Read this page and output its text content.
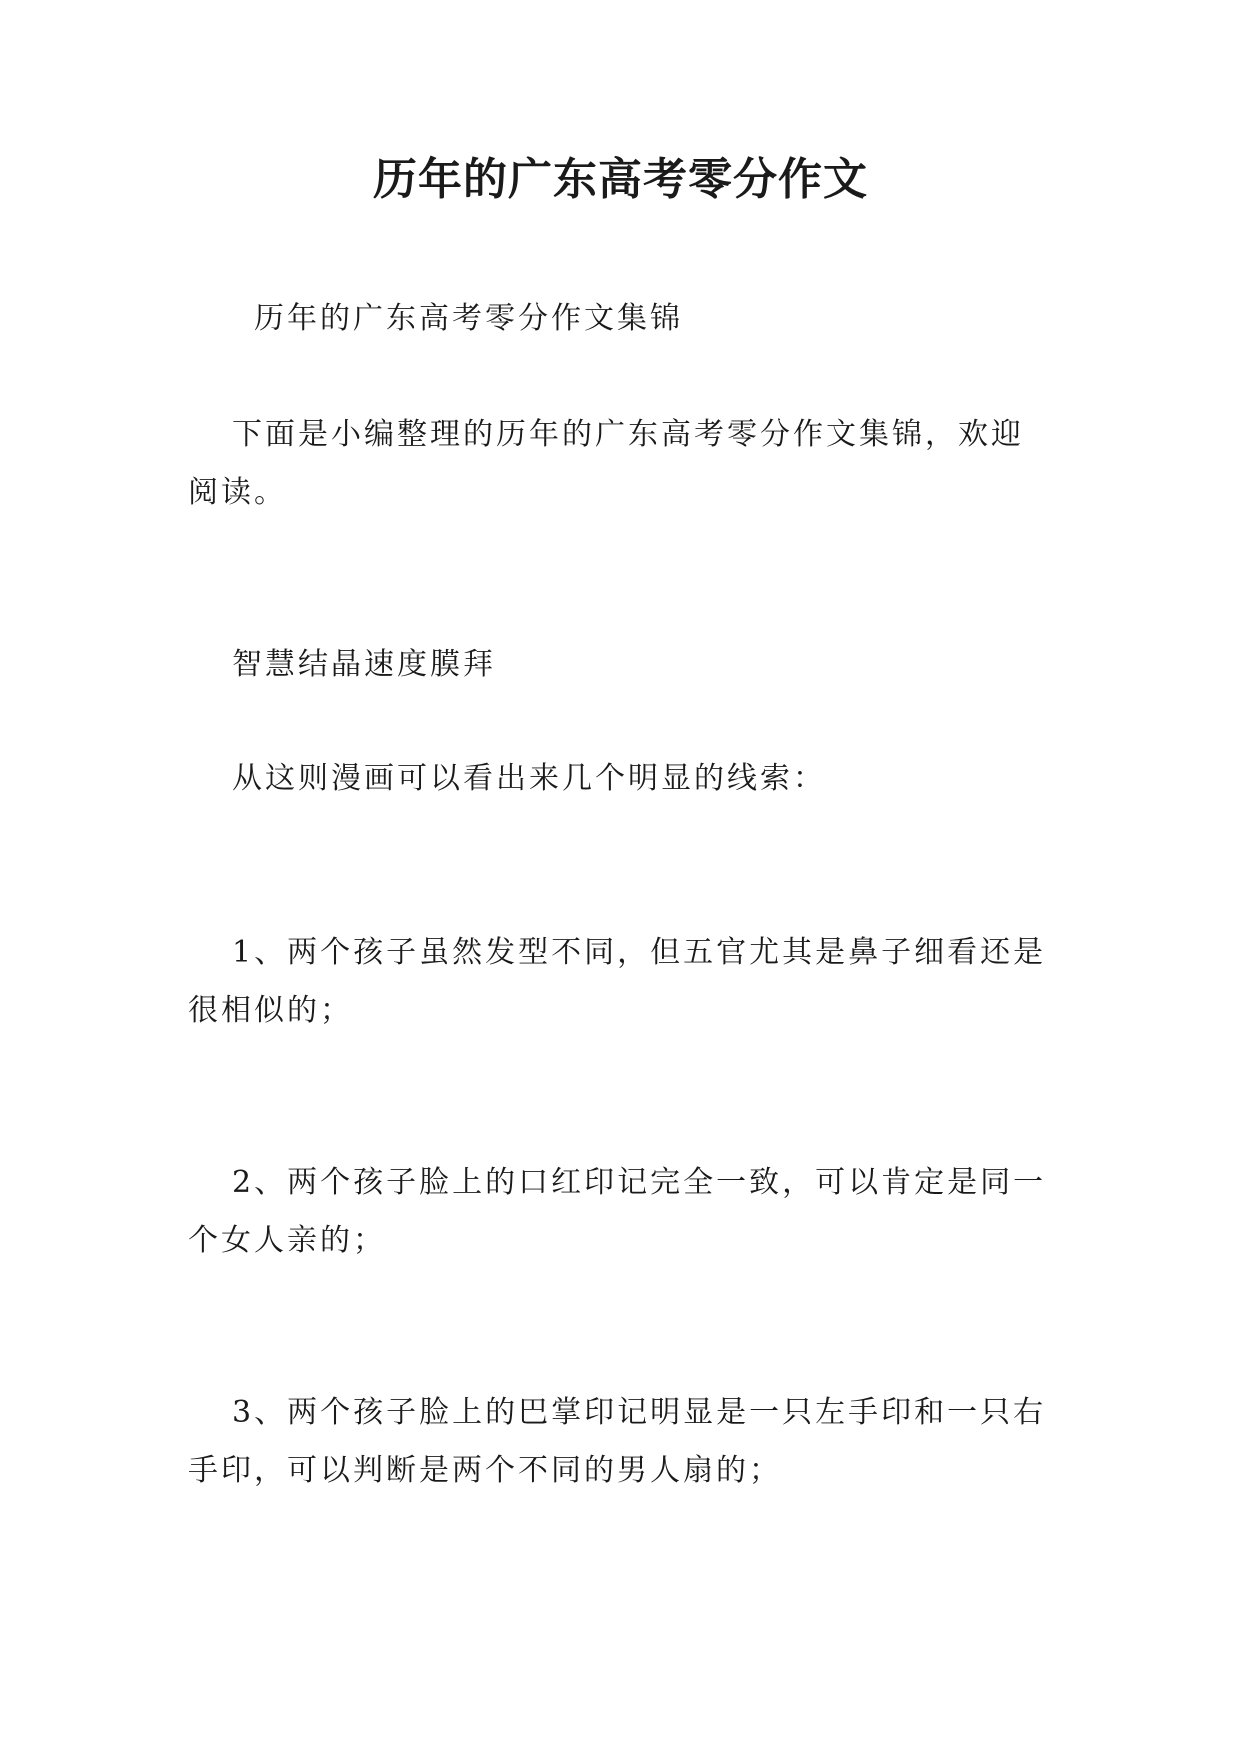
历年的广东高考零分作文
历年的广东高考零分作文集锦
下面是小编整理的历年的广东高考零分作文集锦，欢迎阅读。
智慧结晶速度膜拜
从这则漫画可以看出来几个明显的线索：
1、两个孩子虽然发型不同，但五官尤其是鼻子细看还是很相似的；
2、两个孩子脸上的口红印记完全一致，可以肯定是同一个女人亲的；
3、两个孩子脸上的巴掌印记明显是一只左手印和一只右手印，可以判断是两个不同的男人扇的；
